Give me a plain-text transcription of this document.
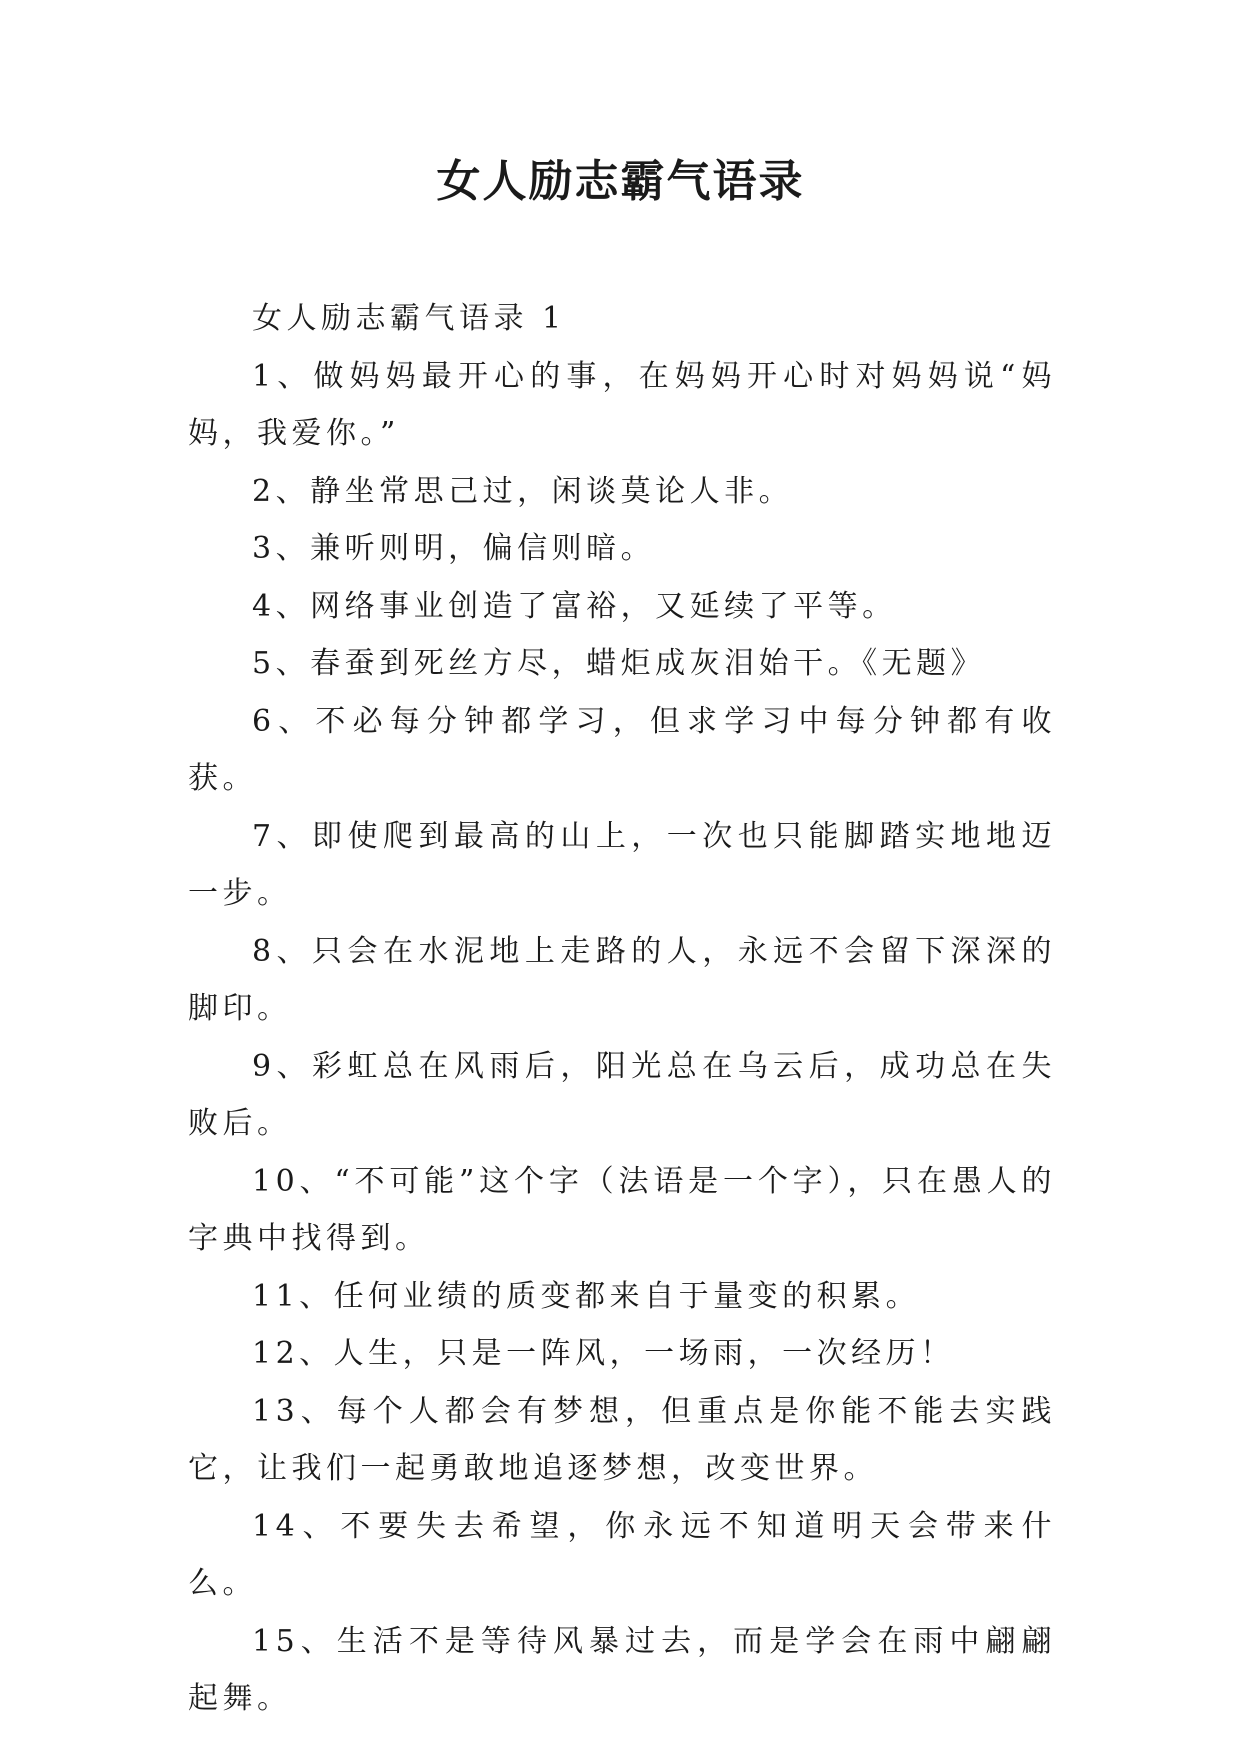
女人励志霸气语录

女人励志霸气语录 1

1、做妈妈最开心的事，在妈妈开心时对妈妈说“妈妈，我爱你。”

2、静坐常思己过，闲谈莫论人非。

3、兼听则明，偏信则暗。

4、网络事业创造了富裕，又延续了平等。

5、春蚕到死丝方尽，蜡炬成灰泪始干。《无题》

6、不必每分钟都学习，但求学习中每分钟都有收获。

7、即使爬到最高的山上，一次也只能脚踏实地地迈一步。

8、只会在水泥地上走路的人，永远不会留下深深的脚印。

9、彩虹总在风雨后，阳光总在乌云后，成功总在失败后。

10、“不可能”这个字（法语是一个字），只在愚人的字典中找得到。

11、任何业绩的质变都来自于量变的积累。

12、人生，只是一阵风，一场雨，一次经历！

13、每个人都会有梦想，但重点是你能不能去实践它，让我们一起勇敢地追逐梦想，改变世界。

14、不要失去希望，你永远不知道明天会带来什么。

15、生活不是等待风暴过去，而是学会在雨中翩翩起舞。
